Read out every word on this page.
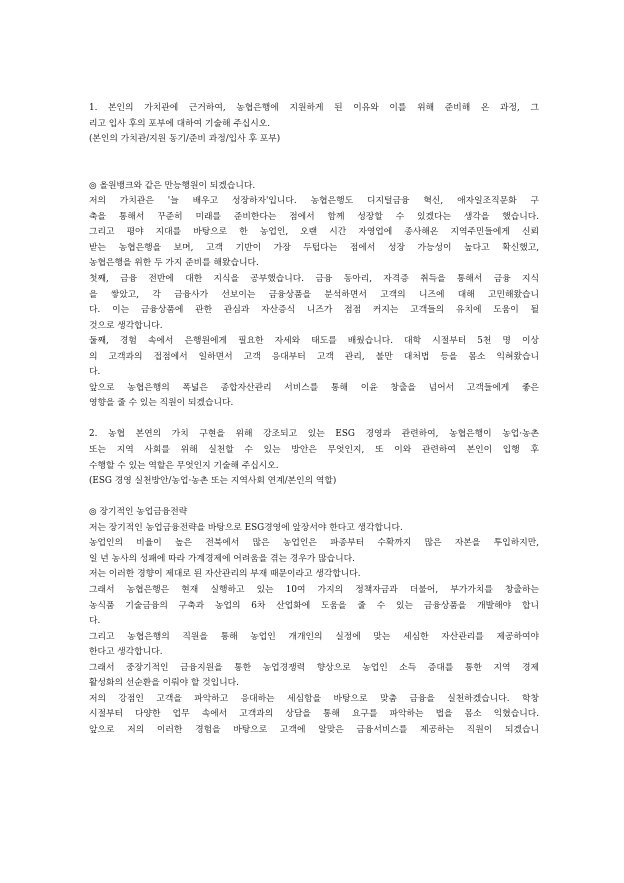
1. 본인의 가치관에 근거하여, 농협은행에 지원하게 된 이유와 이를 위해 준비해 온 과정, 그
리고 입사 후의 포부에 대하여 기술해 주십시오.
(본인의 가치관/지원 동기/준비 과정/입사 후 포부)
◎ 올원뱅크와 같은 만능행원이 되겠습니다.
저의 가치관은 '늘 배우고 성장하자'입니다. 농협은행도 디지털금융 혁신, 애자일조직문화 구
축을 통해서 꾸준히 미래를 준비한다는 점에서 함께 성장할 수 있겠다는 생각을 했습니다.
그리고 평야 지대를 바탕으로 한 농업인, 오랜 시간 자영업에 종사해온 지역주민들에게 신뢰
받는 농협은행을 보며, 고객 기반이 가장 두텁다는 점에서 성장 가능성이 높다고 확신했고,
농협은행을 위한 두 가지 준비를 해왔습니다.
첫째, 금융 전반에 대한 지식을 공부했습니다. 금융 동아리, 자격증 취득을 통해서 금융 지식
을 쌓았고, 각 금융사가 선보이는 금융상품을 분석하면서 고객의 니즈에 대해 고민해왔습니
다. 이는 금융상품에 관한 관심과 자산증식 니즈가 점점 커지는 고객들의 유치에 도움이 될
것으로 생각합니다.
둘째, 경험 속에서 은행원에게 필요한 자세와 태도를 배웠습니다. 대학 시절부터 5천 명 이상
의 고객과의 접점에서 일하면서 고객 응대부터 고객 관리, 불만 대처법 등을 몸소 익혀왔습니
다.
앞으로 농협은행의 폭넓은 종합자산관리 서비스를 통해 이윤 창출을 넘어서 고객들에게 좋은
영향을 줄 수 있는 직원이 되겠습니다.
2. 농협 본연의 가치 구현을 위해 강조되고 있는 ESG 경영과 관련하여, 농협은행이 농업·농촌
또는 지역 사회를 위해 실천할 수 있는 방안은 무엇인지, 또 이와 관련하여 본인이 입행 후
수행할 수 있는 역할은 무엇인지 기술해 주십시오.
(ESG 경영 실천방안/농업·농촌 또는 지역사회 연계/본인의 역할)
◎ 장기적인 농업금융전략
저는 장기적인 농업금융전략을 바탕으로 ESG경영에 앞장서야 한다고 생각합니다.
농업인의 비율이 높은 전북에서 많은 농업인은 파종부터 수확까지 많은 자본을 투입하지만,
일 년 농사의 성패에 따라 가계경제에 어려움을 겪는 경우가 많습니다.
저는 이러한 경향이 제대로 된 자산관리의 부재 때문이라고 생각합니다.
그래서 농협은행은 현재 실행하고 있는 10여 가지의 정책자금과 더불어, 부가가치를 창출하는
농식품 기술금융의 구축과 농업의 6차 산업화에 도움을 줄 수 있는 금융상품을 개발해야 합니
다.
그리고 농협은행의 직원을 통해 농업인 개개인의 실정에 맞는 세심한 자산관리를 제공하여야
한다고 생각합니다.
그래서 중장기적인 금융지원을 통한 농업경쟁력 향상으로 농업인 소득 증대를 통한 지역 경제
활성화의 선순환을 이뤄야 할 것입니다.
저의 강점인 고객을 파악하고 응대하는 세심함을 바탕으로 맞춤 금융을 실천하겠습니다. 학창
시절부터 다양한 업무 속에서 고객과의 상담을 통해 요구를 파악하는 법을 몸소 익혔습니다.
앞으로 저의 이러한 경험을 바탕으로 고객에 알맞은 금융서비스를 제공하는 직원이 되겠습니
